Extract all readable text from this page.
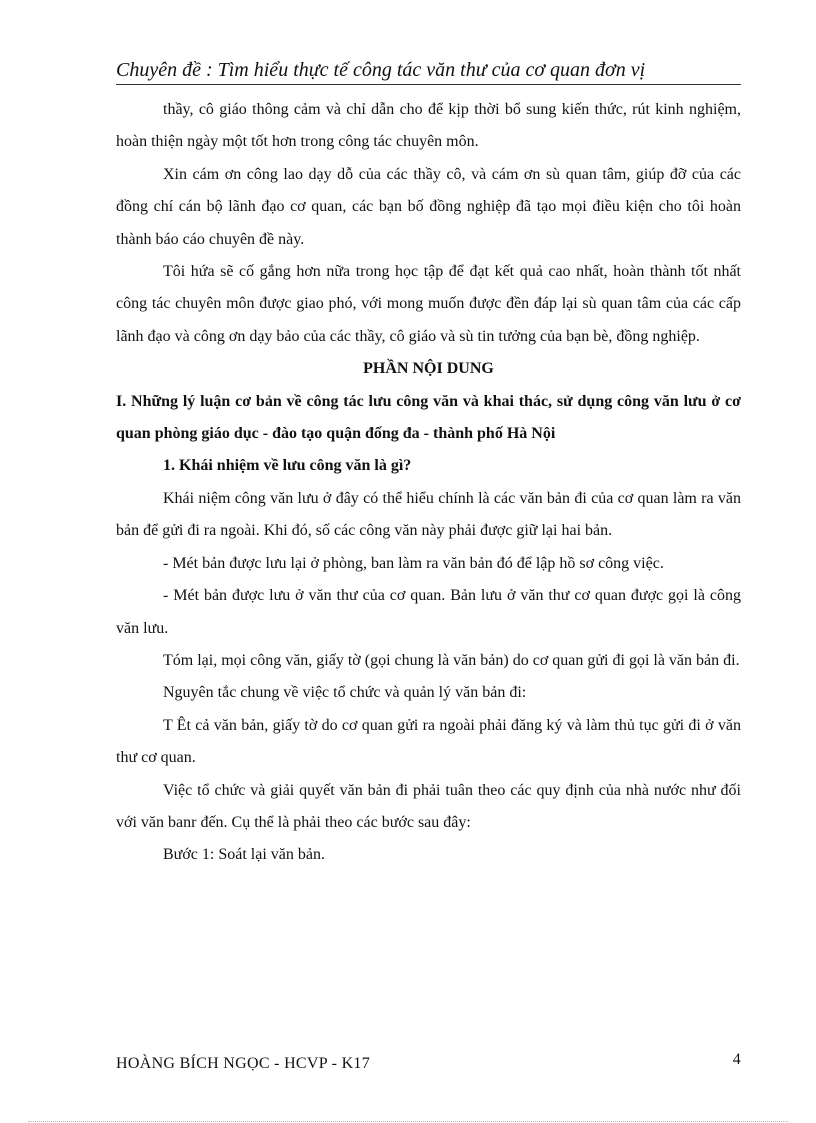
Chuyên đề : Tìm hiểu thực tế công tác văn thư của cơ quan đơn vị

thầy, cô giáo thông cảm và chỉ dẫn cho để kịp thời bổ sung kiến thức, rút kinh nghiệm, hoàn thiện ngày một tốt hơn trong công tác chuyên môn.

Xin cám ơn công lao dạy dỗ của các thầy cô, và cám ơn sù quan tâm, giúp đỡ của các đồng chí cán bộ lãnh đạo cơ quan, các bạn bố đồng nghiệp đã tạo mọi điều kiện cho tôi hoàn thành báo cáo chuyên đề này.

Tôi hứa sẽ cố gắng hơn nữa trong học tập để đạt kết quả cao nhất, hoàn thành tốt nhất công tác chuyên môn được giao phó, với mong muốn được đền đáp lại sù quan tâm của các cấp lãnh đạo và công ơn dạy bảo của các thầy, cô giáo và sù tin tưởng của bạn bè, đồng nghiệp.

PHẦN NỘI DUNG

I. Những lý luận cơ bản về công tác lưu công văn và khai thác, sử dụng công văn lưu ở cơ quan phòng giáo dục - đào tạo quận đống đa - thành phố Hà Nội

1. Khái nhiệm về lưu công văn là gì?

Khái niệm công văn lưu ở đây có thể hiểu chính là các văn bản đi của cơ quan làm ra văn bản để gửi đi ra ngoài. Khi đó, số các công văn này phải được giữ lại hai bản.

- Mét bản được lưu lại ở phòng, ban làm ra văn bản đó để lập hồ sơ công việc.

- Mét bản được lưu ở văn thư của cơ quan. Bản lưu ở văn thư cơ quan được gọi là công văn lưu.

Tóm lại, mọi công văn, giấy tờ (gọi chung là văn bản) do cơ quan gửi đi gọi là văn bản đi.

Nguyên tắc chung về việc tổ chức và quản lý văn bản đi:

T Êt cả văn bản, giấy tờ do cơ quan gửi ra ngoài phải đăng ký và làm thủ tục gửi đi ở văn thư cơ quan.

Việc tổ chức và giải quyết văn bản đi phải tuân theo các quy định của nhà nước như đối với văn banr đến. Cụ thể là phải theo các bước sau đây:

Bước 1: Soát lại văn bản.

HOÀNG BÍCH NGỌC - HCVP - K17	4
